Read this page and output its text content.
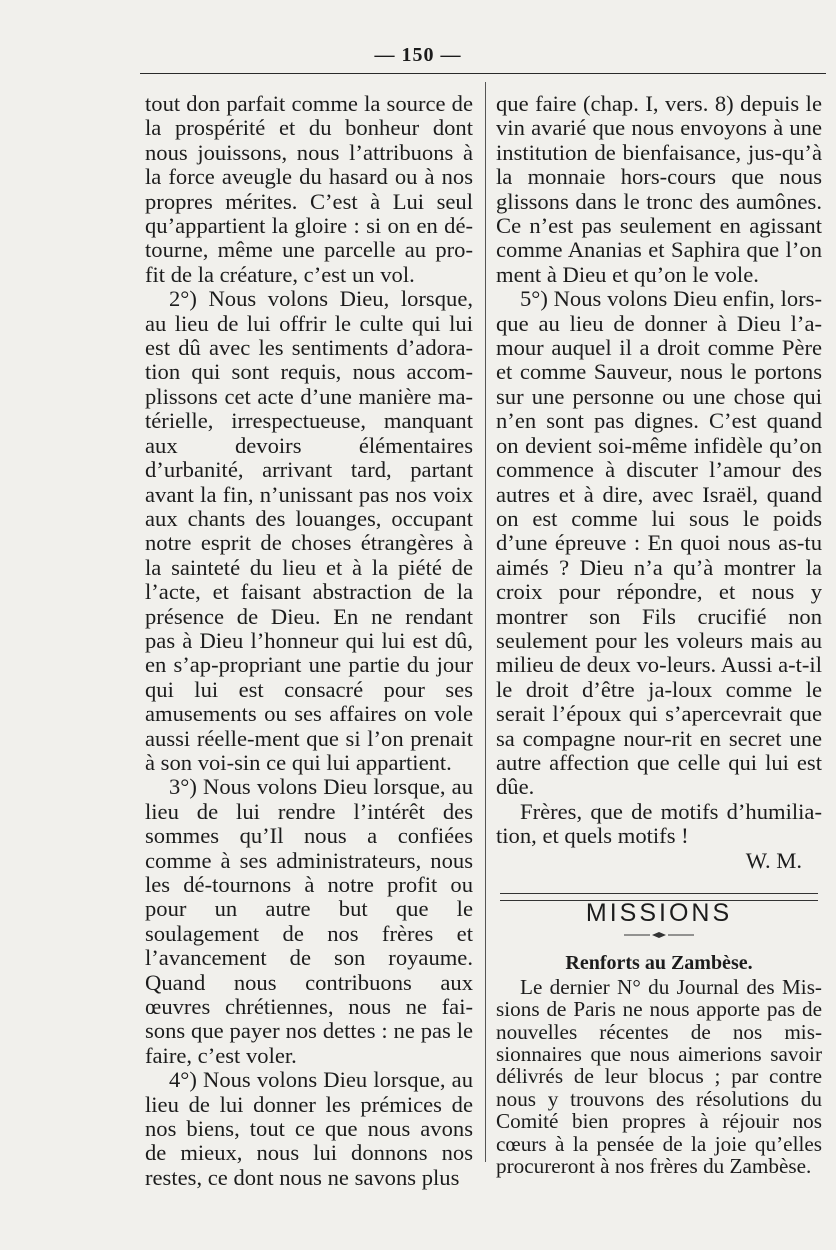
— 150 —

tout don parfait comme la source de la prospérité et du bonheur dont nous jouissons, nous l’attribuons à la force aveugle du hasard ou à nos propres mérites. C’est à Lui seul qu’appartient la gloire : si on en dé-tourne, même une parcelle au pro-fit de la créature, c’est un vol.

2°) Nous volons Dieu, lorsque, au lieu de lui offrir le culte qui lui est dû avec les sentiments d’adora-tion qui sont requis, nous accom-plissons cet acte d’une manière ma-térielle, irrespectueuse, manquant aux devoirs élémentaires d’urbanité, arrivant tard, partant avant la fin, n’unissant pas nos voix aux chants des louanges, occupant notre esprit de choses étrangères à la sainteté du lieu et à la piété de l’acte, et faisant abstraction de la présence de Dieu. En ne rendant pas à Dieu l’honneur qui lui est dû, en s’ap-propriant une partie du jour qui lui est consacré pour ses amusements ou ses affaires on vole aussi réelle-ment que si l’on prenait à son voi-sin ce qui lui appartient.

3°) Nous volons Dieu lorsque, au lieu de lui rendre l’intérêt des sommes qu’Il nous a confiées comme à ses administrateurs, nous les dé-tournons à notre profit ou pour un autre but que le soulagement de nos frères et l’avancement de son royaume. Quand nous contribuons aux œuvres chrétiennes, nous ne fai-sons que payer nos dettes : ne pas le faire, c’est voler.

4°) Nous volons Dieu lorsque, au lieu de lui donner les prémices de nos biens, tout ce que nous avons de mieux, nous lui donnons nos restes, ce dont nous ne savons plus

que faire (chap. I, vers. 8) depuis le vin avarié que nous envoyons à une institution de bienfaisance, jus-qu’à la monnaie hors-cours que nous glissons dans le tronc des aumônes. Ce n’est pas seulement en agissant comme Ananias et Saphira que l’on ment à Dieu et qu’on le vole.

5°) Nous volons Dieu enfin, lors-que au lieu de donner à Dieu l’a-mour auquel il a droit comme Père et comme Sauveur, nous le portons sur une personne ou une chose qui n’en sont pas dignes. C’est quand on devient soi-même infidèle qu’on commence à discuter l’amour des autres et à dire, avec Israël, quand on est comme lui sous le poids d’une épreuve : En quoi nous as-tu aimés ? Dieu n’a qu’à montrer la croix pour répondre, et nous y montrer son Fils crucifié non seulement pour les voleurs mais au milieu de deux vo-leurs. Aussi a-t-il le droit d’être ja-loux comme le serait l’époux qui s’apercevrait que sa compagne nour-rit en secret une autre affection que celle qui lui est dûe.

Frères, que de motifs d’humilia-tion, et quels motifs !

W. M.

MISSIONS

Renforts au Zambèse.

Le dernier N° du Journal des Mis-sions de Paris ne nous apporte pas de nouvelles récentes de nos mis-sionnaires que nous aimerions savoir délivrés de leur blocus ; par contre nous y trouvons des résolutions du Comité bien propres à réjouir nos cœurs à la pensée de la joie qu’elles procureront à nos frères du Zambèse.
